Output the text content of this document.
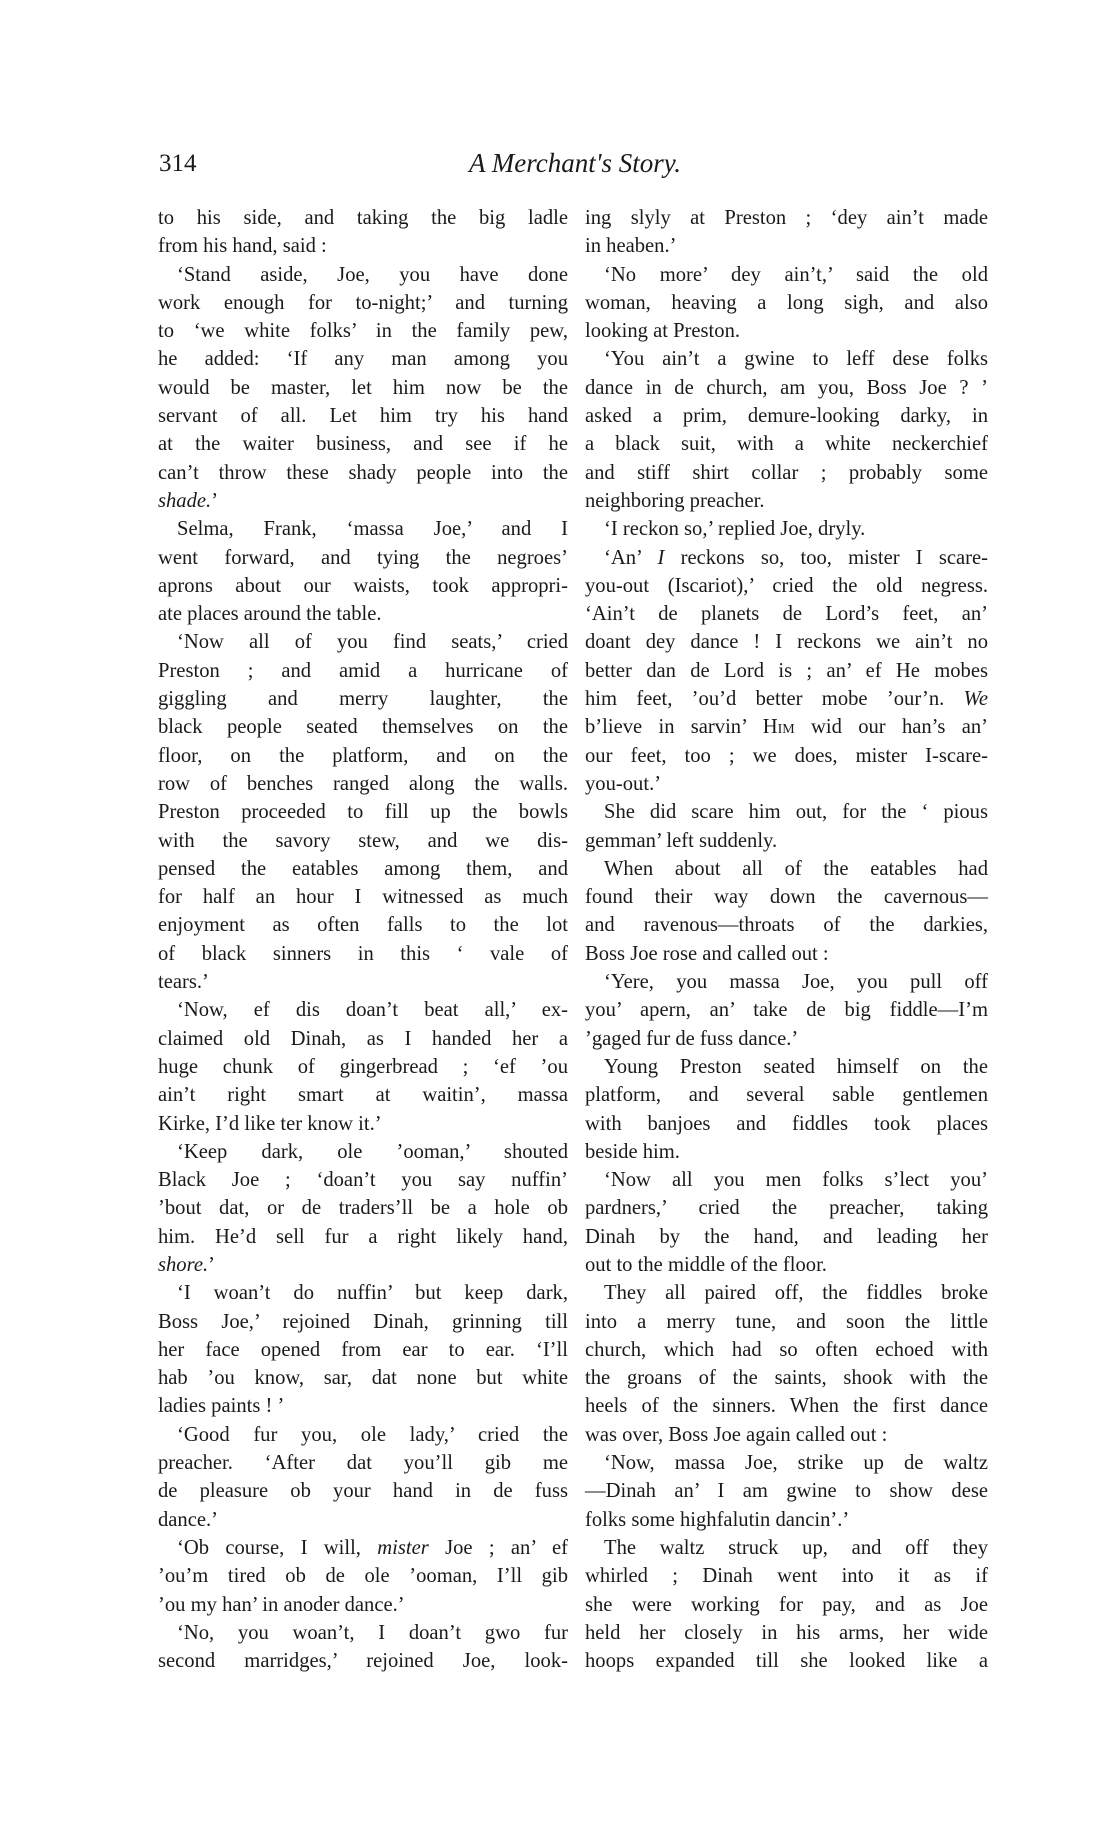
314	A Merchant's Story.
to his side, and taking the big ladle
from his hand, said :
‘Stand aside, Joe, you have done
work enough for to-night;’ and turning
to ‘we white folks’ in the family pew,
he added: ‘If any man among you
would be master, let him now be the
servant of all. Let him try his hand
at the waiter business, and see if he
can’t throw these shady people into the
shade.’
Selma, Frank, ‘massa Joe,’ and I
went forward, and tying the negroes’
aprons about our waists, took appropri-
ate places around the table.
‘Now all of you find seats,’ cried
Preston ; and amid a hurricane of
giggling and merry laughter, the
black people seated themselves on the
floor, on the platform, and on the
row of benches ranged along the walls.
Preston proceeded to fill up the bowls
with the savory stew, and we dis-
pensed the eatables among them, and
for half an hour I witnessed as much
enjoyment as often falls to the lot
of black sinners in this ‘ vale of
tears.’
‘Now, ef dis doan’t beat all,’ ex-
claimed old Dinah, as I handed her a
huge chunk of gingerbread ; ‘ef ’ou
ain’t right smart at waitin’, massa
Kirke, I’d like ter know it.’
‘Keep dark, ole ’ooman,’ shouted
Black Joe ; ‘doan’t you say nuffin’
’bout dat, or de traders’ll be a hole ob
him. He’d sell fur a right likely hand,
shore.’
‘I woan’t do nuffin’ but keep dark,
Boss Joe,’ rejoined Dinah, grinning till
her face opened from ear to ear. ‘I’ll
hab ’ou know, sar, dat none but white
ladies paints ! ’
‘Good fur you, ole lady,’ cried the
preacher. ‘After dat you’ll gib me
de pleasure ob your hand in de fuss
dance.’
‘Ob course, I will, mister Joe ; an’ ef
’ou’m tired ob de ole ’ooman, I’ll gib
’ou my han’ in anoder dance.’
‘No, you woan’t, I doan’t gwo fur
second marridges,’ rejoined Joe, look-
ing slyly at Preston ; ‘dey ain’t made
in heaben.’
‘No more’ dey ain’t,’ said the old
woman, heaving a long sigh, and also
looking at Preston.
‘You ain’t a gwine to leff dese folks
dance in de church, am you, Boss Joe ? ’
asked a prim, demure-looking darky, in
a black suit, with a white neckerchief
and stiff shirt collar ; probably some
neighboring preacher.
‘I reckon so,’ replied Joe, dryly.
‘An’ I reckons so, too, mister I scare-
you-out (Iscariot),’ cried the old negress.
‘Ain’t de planets de Lord’s feet, an’
doant dey dance ! I reckons we ain’t no
better dan de Lord is ; an’ ef He mobes
him feet, ’ou’d better mobe ’our’n. We
b’lieve in sarvin’ Him wid our han’s an’
our feet, too ; we does, mister I-scare-
you-out.’
She did scare him out, for the ‘ pious
gemman’ left suddenly.
When about all of the eatables had
found their way down the cavernous—
and ravenous—throats of the darkies,
Boss Joe rose and called out :
‘Yere, you massa Joe, you pull off
you’ apern, an’ take de big fiddle—I’m
’gaged fur de fuss dance.’
Young Preston seated himself on the
platform, and several sable gentlemen
with banjoes and fiddles took places
beside him.
‘Now all you men folks s’lect you’
pardners,’ cried the preacher, taking
Dinah by the hand, and leading her
out to the middle of the floor.
They all paired off, the fiddles broke
into a merry tune, and soon the little
church, which had so often echoed with
the groans of the saints, shook with the
heels of the sinners. When the first dance
was over, Boss Joe again called out :
‘Now, massa Joe, strike up de waltz
—Dinah an’ I am gwine to show dese
folks some highfalutin dancin’.’
The waltz struck up, and off they
whirled ; Dinah went into it as if
she were working for pay, and as Joe
held her closely in his arms, her wide
hoops expanded till she looked like a
